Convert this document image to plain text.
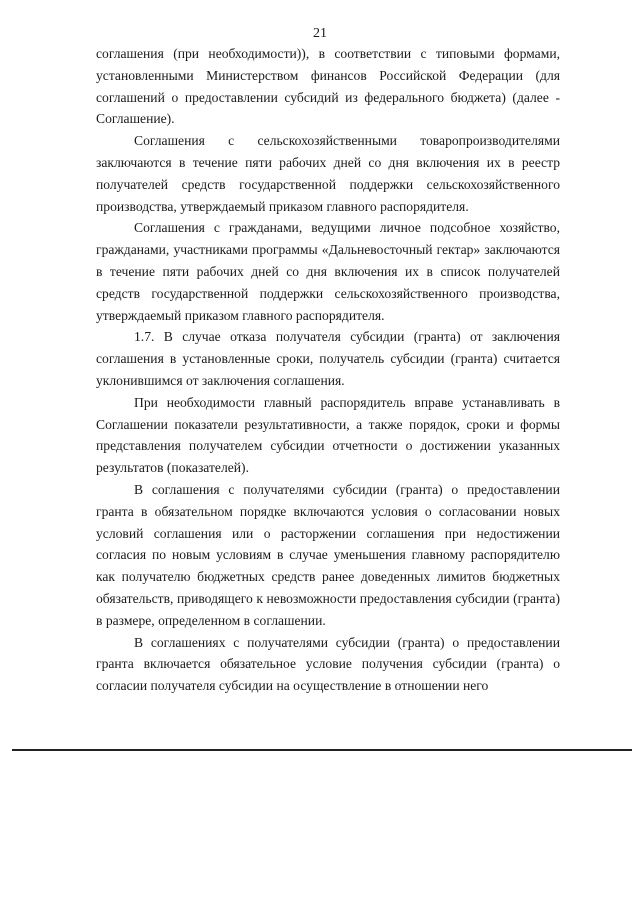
21

соглашения (при необходимости)), в соответствии с типовыми формами, установленными Министерством финансов Российской Федерации (для соглашений о предоставлении субсидий из федерального бюджета) (далее - Соглашение).

Соглашения с сельскохозяйственными товаропроизводителями заключаются в течение пяти рабочих дней со дня включения их в реестр получателей средств государственной поддержки сельскохозяйственного производства, утверждаемый приказом главного распорядителя.

Соглашения с гражданами, ведущими личное подсобное хозяйство, гражданами, участниками программы «Дальневосточный гектар» заключаются в течение пяти рабочих дней со дня включения их в список получателей средств государственной поддержки сельскохозяйственного производства, утверждаемый приказом главного распорядителя.

1.7. В случае отказа получателя субсидии (гранта) от заключения соглашения в установленные сроки, получатель субсидии (гранта) считается уклонившимся от заключения соглашения.

При необходимости главный распорядитель вправе устанавливать в Соглашении показатели результативности, а также порядок, сроки и формы представления получателем субсидии отчетности о достижении указанных результатов (показателей).

В соглашения с получателями субсидии (гранта) о предоставлении гранта в обязательном порядке включаются условия о согласовании новых условий соглашения или о расторжении соглашения при недостижении согласия по новым условиям в случае уменьшения главному распорядителю как получателю бюджетных средств ранее доведенных лимитов бюджетных обязательств, приводящего к невозможности предоставления субсидии (гранта) в размере, определенном в соглашении.

В соглашениях с получателями субсидии (гранта) о предоставлении гранта включается обязательное условие получения субсидии (гранта) о согласии получателя субсидии на осуществление в отношении него
